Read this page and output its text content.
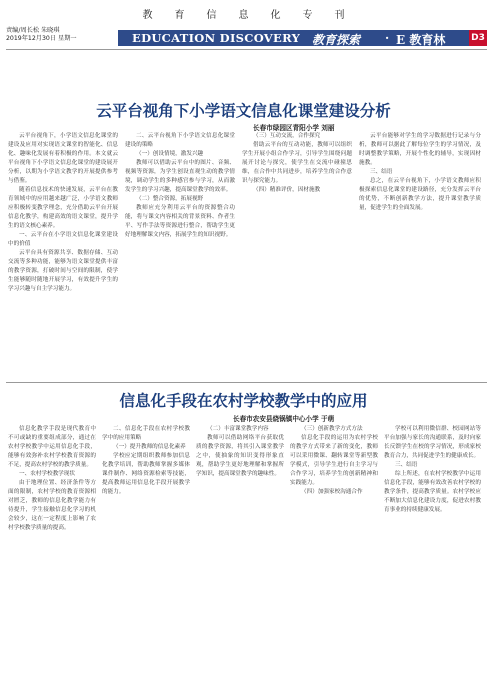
教 育 信 息 化 专 刊
责编/周长松 朱晓琪
2019年12月30日 星期一	EDUCATION DISCOVERY 教育探索 · E 教育林	D3
云平台视角下小学语文信息化课堂建设分析
长春市绿园区青阳小学 刘丽

云平台视角下，小学语文信息化课堂的建设及应用对实现语文课堂的智能化、信息化、趣味化发展有着积极的作用。本文就云平台视角下小学语文信息化课堂的建设展开分析，以期为小学语文教学的开展提供参考与借鉴。

随着信息技术的快速发展，云平台在教育领域中的应用越来越广泛，小学语文教师应积极转变教学理念，充分借助云平台开展信息化教学，构建高效的语文课堂，提升学生的语文核心素养。

一、云平台在小学语文信息化课堂建设中的价值

云平台具有资源共享、数据存储、互动交流等多种功能，能够为语文课堂提供丰富的教学资源，打破时间与空间的限制，使学生能够随时随地开展学习，有效提升学生的学习兴趣与自主学习能力。

二、云平台视角下小学语文信息化课堂建设的策略

（一）创设情境，激发兴趣

教师可以借助云平台中的图片、音频、视频等资源，为学生创设直观生动的教学情境，调动学生的多种感官参与学习，从而激发学生的学习兴趣，提高课堂教学的效率。

（二）整合资源，拓展视野

教师应充分利用云平台的资源整合功能，将与课文内容相关的背景资料、作者生平、写作手法等资源进行整合，帮助学生更好地理解课文内容，拓展学生的知识视野。

（三）互动交流，合作探究

借助云平台的互动功能，教师可以组织学生开展小组合作学习，引导学生围绕问题展开讨论与探究，使学生在交流中碰撞思维，在合作中共同进步，培养学生的合作意识与探究能力。

（四）精准评价，因材施教

云平台能够对学生的学习数据进行记录与分析，教师可以据此了解每位学生的学习情况，及时调整教学策略，开展个性化的辅导，实现因材施教。

三、结语

总之，在云平台视角下，小学语文教师应积极探索信息化课堂的建设路径，充分发挥云平台的优势，不断创新教学方法，提升课堂教学质量，促进学生的全面发展。

信息化手段在农村学校教学中的应用
长春市农安县烧锅镇中心小学 于萌

信息化教学手段是现代教育中不可或缺的重要组成部分，通过在农村学校教学中运用信息化手段，能够有效弥补农村学校教育资源的不足，提高农村学校的教学质量。

一、农村学校教学现状

由于地理位置、经济条件等方面的限制，农村学校的教育资源相对匮乏，教师的信息化教学能力有待提升，学生接触信息化学习的机会较少，这在一定程度上影响了农村学校教学质量的提高。

二、信息化手段在农村学校教学中的应用策略

（一）提升教师的信息化素养

学校应定期组织教师参加信息化教学培训，帮助教师掌握多媒体课件制作、网络资源检索等技能，提高教师运用信息化手段开展教学的能力。

（二）丰富课堂教学内容

教师可以借助网络平台获取优质的教学资源，将其引入课堂教学之中，使抽象的知识变得形象直观，帮助学生更好地理解和掌握所学知识，提高课堂教学的趣味性。

（三）创新教学方式方法

信息化手段的运用为农村学校的教学方式带来了新的变化，教师可以采用微课、翻转课堂等新型教学模式，引导学生进行自主学习与合作学习，培养学生的创新精神和实践能力。

（四）加强家校沟通合作

学校可以利用微信群、校园网站等平台加强与家长的沟通联系，及时向家长反馈学生在校的学习情况，形成家校教育合力，共同促进学生的健康成长。

三、结语

综上所述，在农村学校教学中运用信息化手段，能够有效改善农村学校的教学条件，提高教学质量。农村学校应不断加大信息化建设力度，促进农村教育事业的持续健康发展。
